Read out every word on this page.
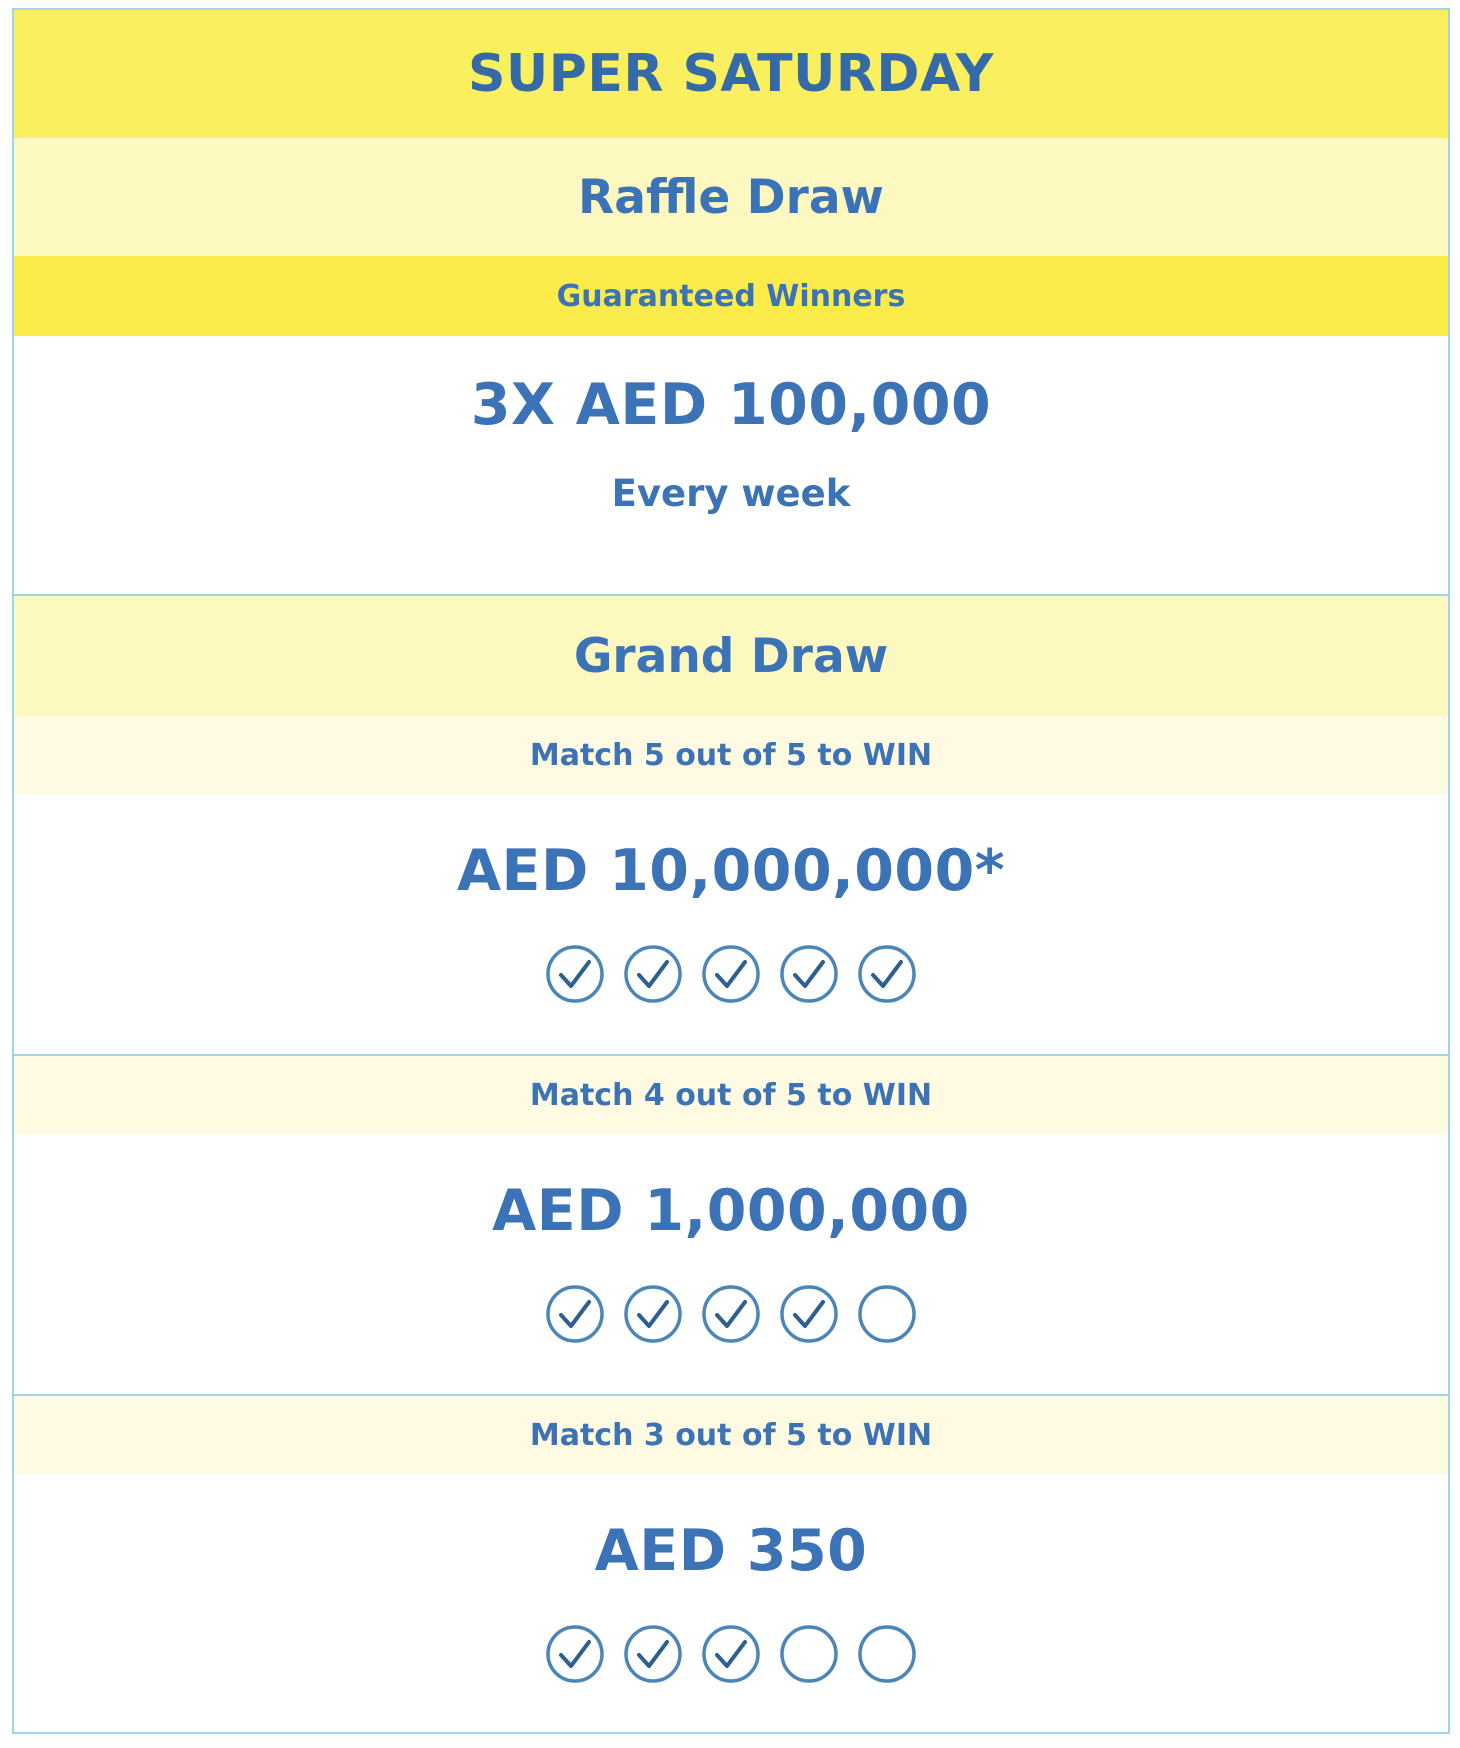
SUPER SATURDAY
Raffle Draw
Guaranteed Winners
3X AED 100,000
Every week
Grand Draw
Match 5 out of 5 to WIN
AED 10,000,000*
Match 4 out of 5 to WIN
AED 1,000,000
Match 3 out of 5 to WIN
AED 350
